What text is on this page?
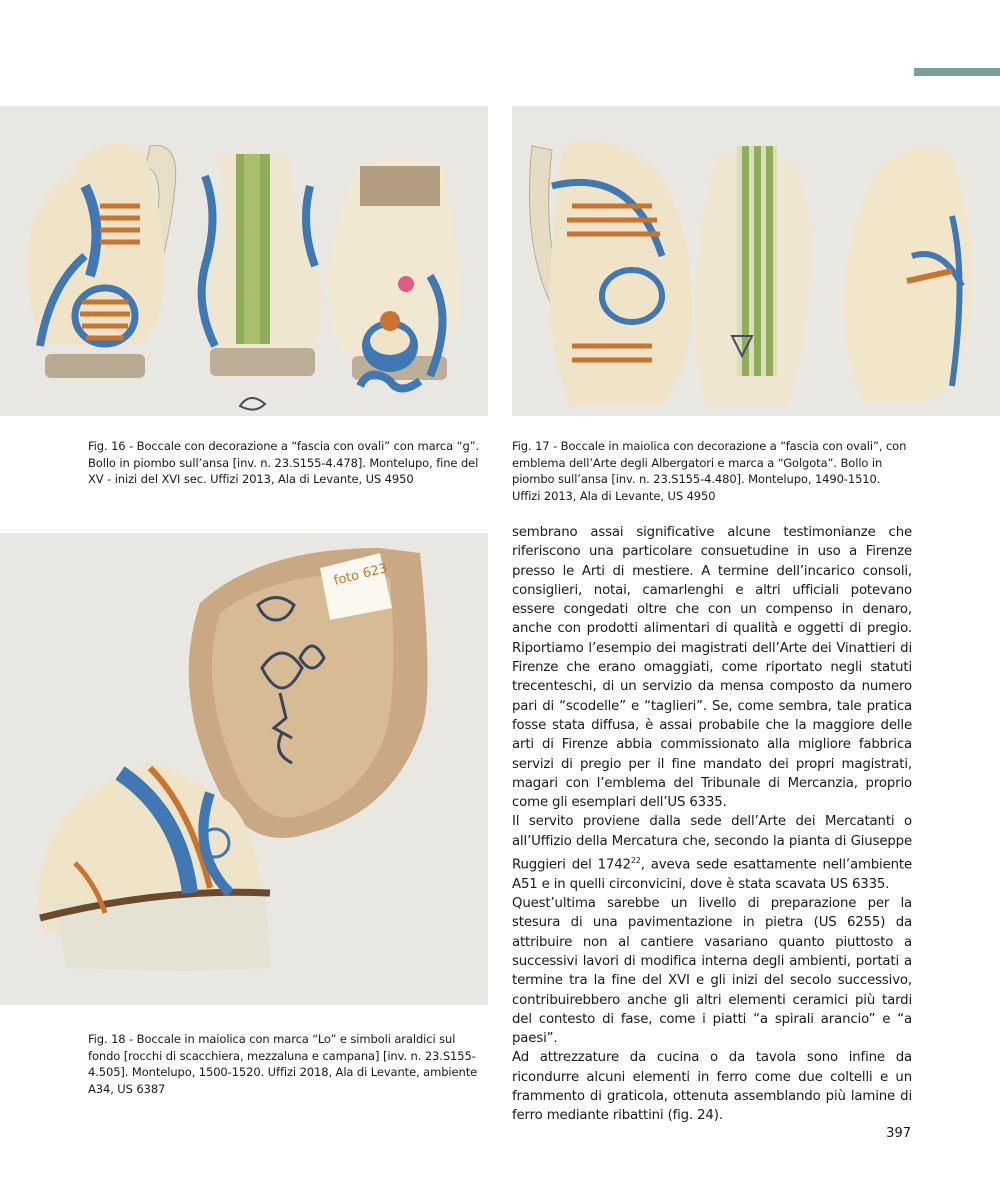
foto 623
Fig. 16 - Boccale con decorazione a “fascia con ovali” con marca “g”. Bollo in piombo sull’ansa [inv. n. 23.S155-4.478]. Montelupo, fine del XV - inizi del XVI sec. Uffizi 2013, Ala di Levante, US 4950
Fig. 17 - Boccale in maiolica con decorazione a “fascia con ovali”, con emblema dell’Arte degli Albergatori e marca a “Golgota”. Bollo in piombo sull’ansa [inv. n. 23.S155-4.480]. Montelupo, 1490-1510. Uffizi 2013, Ala di Levante, US 4950
Fig. 18 - Boccale in maiolica con marca “Lo” e simboli araldici sul fondo [rocchi di scacchiera, mezzaluna e campana] [inv. n. 23.S155-4.505]. Montelupo, 1500-1520. Uffizi 2018, Ala di Levante, ambiente A34, US 6387

sembrano assai significative alcune testimonianze che riferiscono una particolare consuetudine in uso a Firenze presso le Arti di mestiere. A termine dell’incarico consoli, consiglieri, notai, camarlenghi e altri ufficiali potevano essere congedati oltre che con un compenso in denaro, anche con prodotti alimentari di qualità e oggetti di pregio. Riportiamo l’esempio dei magistrati dell’Arte dei Vinattieri di Firenze che erano omaggiati, come riportato negli statuti trecenteschi, di un servizio da mensa composto da numero pari di “scodelle” e “taglieri”. Se, come sembra, tale pratica fosse stata diffusa, è assai probabile che la maggiore delle arti di Firenze abbia commissionato alla migliore fabbrica servizi di pregio per il fine mandato dei propri magistrati, magari con l’emblema del Tribunale di Mercanzia, proprio come gli esemplari dell’US 6335.

Il servito proviene dalla sede dell’Arte dei Mercatanti o all’Uffizio della Mercatura che, secondo la pianta di Giuseppe Ruggieri del 1742$^{22}$, aveva sede esattamente nell’ambiente A51 e in quelli circonvicini, dove è stata scavata US 6335.

Quest’ultima sarebbe un livello di preparazione per la stesura di una pavimentazione in pietra (US 6255) da attribuire non al cantiere vasariano quanto piuttosto a successivi lavori di modifica interna degli ambienti, portati a termine tra la fine del XVI e gli inizi del secolo successivo, contribuirebbero anche gli altri elementi ceramici più tardi del contesto di fase, come i piatti “a spirali arancio” e “a paesi”.

Ad attrezzature da cucina o da tavola sono infine da ricondurre alcuni elementi in ferro come due coltelli e un frammento di graticola, ottenuta assemblando più lamine di ferro mediante ribattini (fig. 24).

397
